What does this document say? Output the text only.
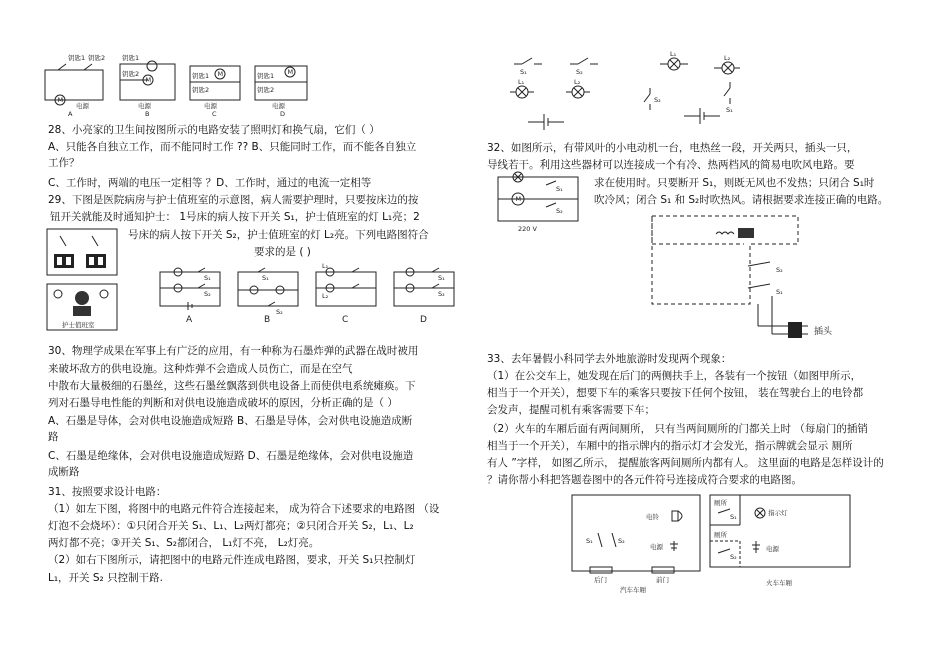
M
钥匙1 钥匙2
电源
A
钥匙1
钥匙2
M
电源
B
钥匙1
钥匙2
M
电源
C
钥匙1
钥匙2
M
电源
D
28、小亮家的卫生间按图所示的电路安装了照明灯和换气扇，它们（ ）
A、只能各自独立工作，而不能同时工作 ?? B、只能同时工作，而不能各自独立
工作？
C、工作时，两端的电压一定相等 ？D、工作时，通过的电流一定相等
29、下图是医院病房与护士值班室的示意图，病人需要护理时，只要按床边的按
钮开关就能及时通知护士： 1号床的病人按下开关 S₁，护士值班室的灯 L₁亮；2
号床的病人按下开关 S₂，护士值班室的灯 L₂亮。下列电路图符合
要求的是 ( )
护士值班室
S₁
S₂
A
S₁
S₂
B
L₁
L₂
C
S₁
S₂
D
30、物理学成果在军事上有广泛的应用，有一种称为石墨炸弹的武器在战时被用
来破坏敌方的供电设施。这种炸弹不会造成人员伤亡，而是在空气
中散布大量极细的石墨丝，这些石墨丝飘落到供电设备上而使供电系统瘫痪。下
列对石墨导电性能的判断和对供电设施造成破坏的原因，分析正确的是（ ）
A、石墨是导体，会对供电设施造成短路 B、石墨是导体，会对供电设施造成断
路
C、石墨是绝缘体，会对供电设施造成短路 D、石墨是绝缘体，会对供电设施造
成断路
31、按照要求设计电路：
（1）如左下图，将图中的电路元件符合连接起来， 成为符合下述要求的电路图 （设
灯泡不会烧坏）：①只闭合开关 S₁、L₁、L₂两灯都亮；②只闭合开关 S₂，L₁、L₂
两灯都不亮；③开关 S₁、S₂都闭合， L₁灯不亮， L₂灯亮。
（2）如右下图所示，请把图中的电路元件连成电路图，要求，开关 S₁只控制灯
L₁，开关 S₂ 只控制干路.
S₁	S₂
L₁	L₂
L₁	L₂
S₂
S₁
32、如图所示，有带风叶的小电动机一台，电热丝一段，开关两只，插头一只，
导线若干。利用这些器材可以连接成一个有冷、热两档风的简易电吹风电路。要
求在使用时。只要断开 S₁，则既无风也不发热；只闭合 S₁时
吹冷风；闭合 S₁ 和 S₂时吹热风。请根据要求连接正确的电路。
M
S₁
S₂
220 V
S₂
S₁
插头
33、去年暑假小科同学去外地旅游时发现两个现象：
（1）在公交车上，她发现在后门的两侧扶手上，各装有一个按钮（如图甲所示，
相当于一个开关），想要下车的乘客只要按下任何个按钮， 装在驾驶台上的电铃都
会发声，提醒司机有乘客需要下车；
（2）火车的车厢后面有两间厕所， 只有当两间厕所的门都关上时 （每扇门的插销
相当于一个开关），车厢中的指示牌内的指示灯才会发光，指示牌就会显示 厕所
有人 ”字样， 如图乙所示， 提醒旅客两间厕所内都有人。 这里面的电路是怎样设计的
？请你帮小科把答题卷图中的各元件符号连接成符合要求的电路图。
S₁	S₂
电铃
电源
后门	前门
汽车车厢
厕所
S₁	指示灯
厕所
S₂
电源
火车车厢
